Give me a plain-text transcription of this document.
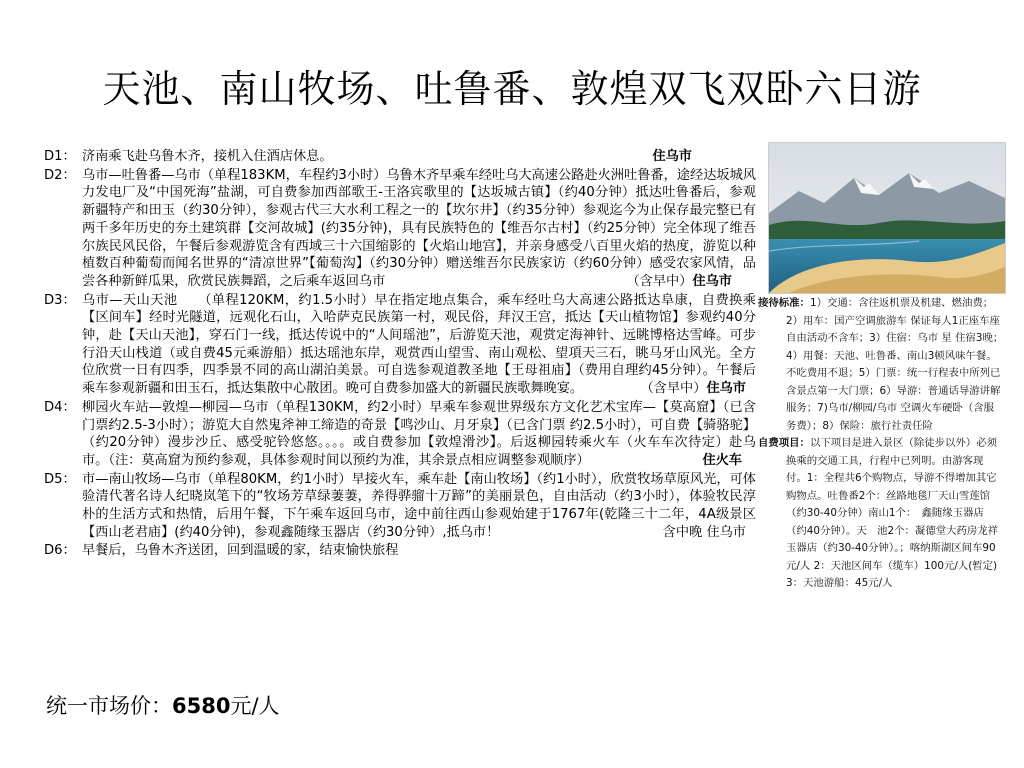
天池、南山牧场、吐鲁番、敦煌双飞双卧六日游
D1： 济南乘飞赴乌鲁木齐，接机入住酒店休息。	住乌市
D2： 乌市—吐鲁番—乌市（单程183KM，车程约3小时）乌鲁木齐早乘车经吐乌大高速公路赴火洲吐鲁番，途经达坂城风力发电厂及“中国死海”盐湖，可自费参加西部歌王-王洛宾歌里的【达坂城古镇】（约40分钟）抵达吐鲁番后，参观新疆特产和田玉（约30分钟），参观古代三大水利工程之一的【坎尔井】（约35分钟）参观迄今为止保存最完整已有两千多年历史的夯土建筑群【交河故城】(约35分钟)，具有民族特色的【维吾尔古村】（约25分钟）完全体现了维吾尔族民风民俗，午餐后参观游览含有西域三十六国缩影的【火焰山地宫】，并亲身感受八百里火焰的热度，游览以种植数百种葡萄而闻名世界的“清凉世界”【葡萄沟】（约30分钟）赠送维吾尔民族家访（约60分钟）感受农家风情，品尝各种新鲜瓜果，欣赏民族舞蹈，之后乘车返回乌市	（含早中）住乌市
D3： 乌市—天山天池　　（单程120KM，约1.5小时）早在指定地点集合，乘车经吐乌大高速公路抵达阜康，自费换乘【区间车】经时光隧道，远观化石山，入哈萨克民族第一村，观民俗，拜汉王宫，抵达【天山植物馆】参观约40分钟，赴【天山天池】，穿石门一线，抵达传说中的“人间瑶池”，后游览天池，观赏定海神针、远眺博格达雪峰。可步行沿天山栈道（或自费45元乘游船）抵达瑶池东岸，观赏西山望雪、南山观松、望項天三石，眺马牙山风光。全方位欣赏一日有四季，四季景不同的高山湖泊美景。可自选参观道教圣地【王母祖庙】（费用自理约45分钟）。午餐后乘车参观新疆和田玉石，抵达集散中心散团。晚可自费参加盛大的新疆民族歌舞晚宴。	（含早中）住乌市
D4： 柳园火车站—敦煌—柳园—乌市（单程130KM，约2小时）早乘车参观世界级东方文化艺术宝库—【莫高窟】（已含门票约2.5-3小时）；游览大自然鬼斧神工缔造的奇景【鸣沙山、月牙泉】（已含门票 约2.5小时），可自费【骑骆驼】（约20分钟）漫步沙丘、感受驼铃悠悠。。。。或自费参加【敦煌滑沙】。后返柳园转乘火车（火车车次待定）赴乌市。（注：莫高窟为预约参观，具体参观时间以预约为准，其余景点相应调整参观顺序）	住火车
D5： 市—南山牧场—乌市（单程80KM，约1小时）早接火车，乘车赴【南山牧场】（约1小时），欣赏牧场草原风光，可体验清代著名诗人纪晓岚笔下的“牧场芳草绿萋萋，养得骅骝十万蹄”的美丽景色，自由活动（约3小时），体验牧民淳朴的生活方式和热情，后用午餐，下午乘车返回乌市，途中前往西山参观始建于1767年(乾隆三十二年，4A级景区【西山老君庙】(约40分钟)，参观鑫随缘玉器店（约30分钟）,抵乌市！	含中晚 住乌市
D6： 早餐后，乌鲁木齐送团，回到温暖的家，结束愉快旅程
统一市场价：6580元/人

接待标准：1）交通：含往返机票及机建、燃油费；2）用车：国产空调旅游车 保证每人1正座车座 自由活动不含车；3）住宿：乌市 星 住宿3晚；4）用餐：天池、吐鲁番、南山3顿风味午餐。不吃费用不退；5）门票：统一行程表中所列已含景点第一大门票；6）导游：普通话导游讲解服务；7)乌市/柳园/乌市 空调火车硬卧（含服务费）；8）保险：旅行社责任险

自费项目：以下项目是进入景区（除徒步以外）必须换乘的交通工具，行程中已列明。由游客现付。1：全程共6个购物点，导游不得增加其它购物点。吐鲁番2个：丝路地毯厂天山雪莲馆（约30-40分钟）南山1个：　鑫随缘玉器店（约40分钟）。天　池2个：凝德堂大药房龙祥玉器店（约30-40分钟）。；喀纳斯湖区间车90元/人 2：天池区间车（缆车）100元/人(暂定) 3：天池游船：45元/人
